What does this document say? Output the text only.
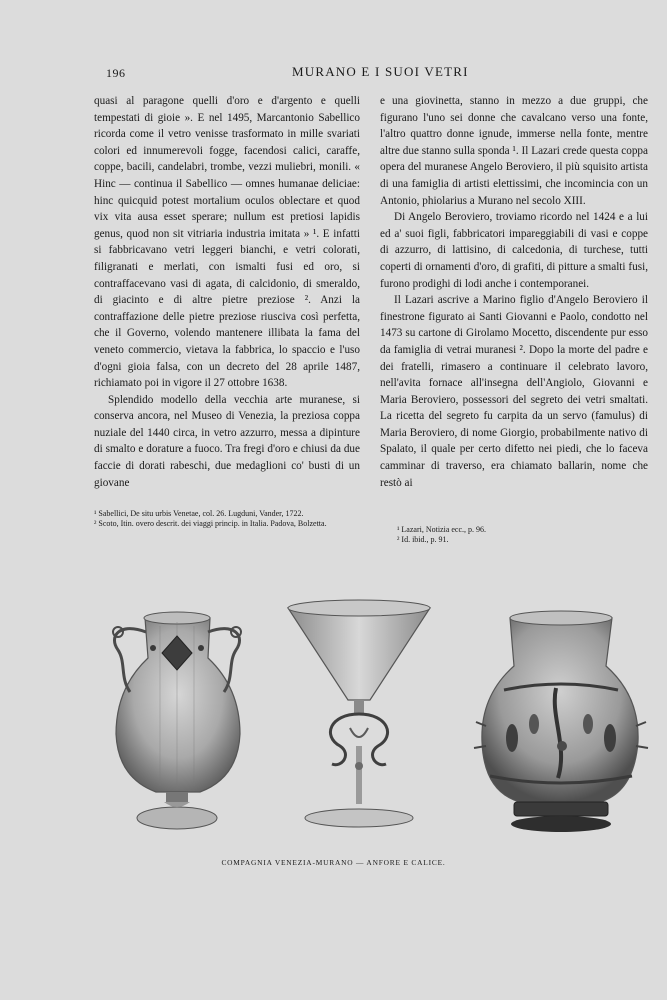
196	MURANO E I SUOI VETRI

quasi al paragone quelli d'oro e d'argento e quelli tempestati di gioie ». E nel 1495, Marcantonio Sabellico ricorda come il vetro venisse trasformato in mille svariati colori ed innumerevoli fogge, facendosi calici, caraffe, coppe, bacili, candelabri, trombe, vezzi muliebri, monili. « Hinc — continua il Sabellico — omnes humanae deliciae: hinc quicquid potest mortalium oculos oblectare et quod vix vita ausa esset sperare; nullum est pretiosi lapidis genus, quod non sit vitriaria industria imitata » ¹. E infatti si fabbricavano vetri leggeri bianchi, e vetri colorati, filigranati e merlati, con ismalti fusi ed oro, si contraffacevano vasi di agata, di calcidonio, di smeraldo, di giacinto e di altre pietre preziose ². Anzi la contraffazione delle pietre preziose riusciva così perfetta, che il Governo, volendo mantenere illibata la fama del veneto commercio, vietava la fabbrica, lo spaccio e l'uso d'ogni gioia falsa, con un decreto del 28 aprile 1487, richiamato poi in vigore il 27 ottobre 1638.

Splendido modello della vecchia arte muranese, si conserva ancora, nel Museo di Venezia, la preziosa coppa nuziale del 1440 circa, in vetro azzurro, messa a dipinture di smalto e dorature a fuoco. Tra fregi d'oro e chiusi da due faccie di dorati rabeschi, due medaglioni co' busti di un giovane

e una giovinetta, stanno in mezzo a due gruppi, che figurano l'uno sei donne che cavalcano verso una fonte, l'altro quattro donne ignude, immerse nella fonte, mentre altre due stanno sulla sponda ¹. Il Lazari crede questa coppa opera del muranese Angelo Beroviero, il più squisito artista di una famiglia di artisti elettissimi, che incomincia con un Antonio, phiolarius a Murano nel secolo XIII.

Di Angelo Beroviero, troviamo ricordo nel 1424 e a lui ed a' suoi figli, fabbricatori impareggiabili di vasi e coppe di azzurro, di lattisino, di calcedonia, di turchese, tutti coperti di ornamenti d'oro, di grafiti, di pitture a smalti fusi, furono prodighi di lodi anche i contemporanei.

Il Lazari ascrive a Marino figlio d'Angelo Beroviero il finestrone figurato ai Santi Giovanni e Paolo, condotto nel 1473 su cartone di Girolamo Mocetto, discendente pur esso da famiglia di vetrai muranesi ². Dopo la morte del padre e dei fratelli, rimasero a continuare il celebrato lavoro, nell'avita fornace all'insegna dell'Angiolo, Giovanni e Maria Beroviero, possessori del segreto dei vetri smaltati. La ricetta del segreto fu carpita da un servo (famulus) di Maria Beroviero, di nome Giorgio, probabilmente nativo di Spalato, il quale per certo difetto nei piedi, che lo faceva camminar di traverso, era chiamato ballarin, nome che restò ai

¹ Sabellici, De situ urbis Venetae, col. 26. Lugduni, Vander, 1722.
² Scoto, Itin. overo descrit. dei viaggi princip. in Italia. Padova, Bolzetta.
¹ Lazari, Notizia ecc., p. 96.
² Id. ibid., p. 91.
COMPAGNIA VENEZIA-MURANO — ANFORE E CALICE.
